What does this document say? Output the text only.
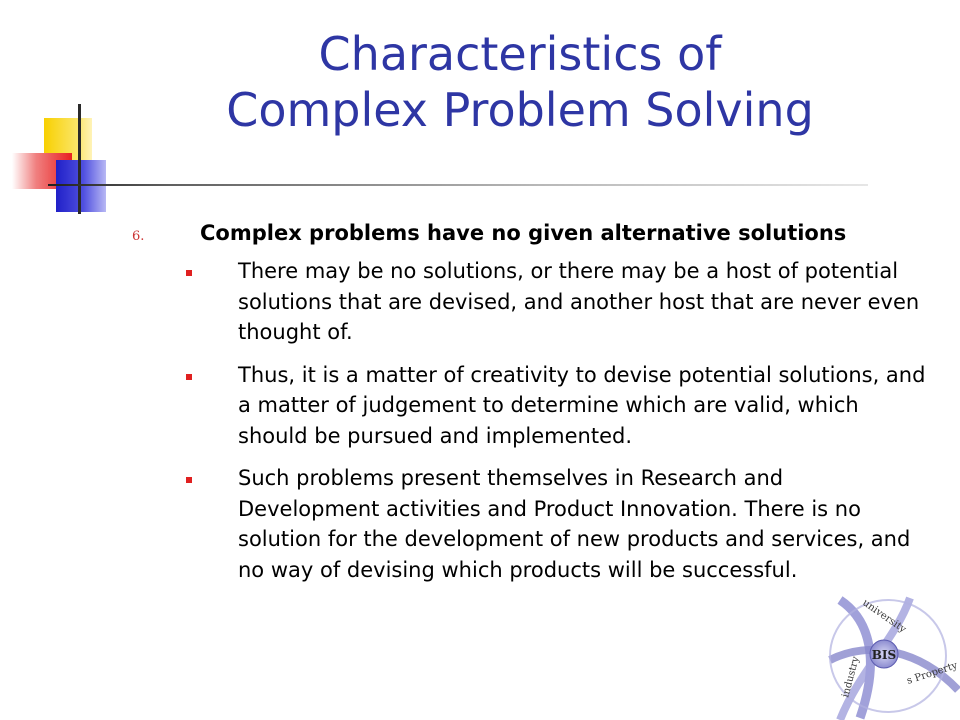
Characteristics of
Complex Problem Solving
6.	Complex problems have no given alternative solutions
There may be no solutions, or there may be a host of potential solutions that are devised, and another host that are never even thought of.
Thus, it is a matter of creativity to devise potential solutions, and a matter of judgement to determine which are valid, which should be pursued and implemented.
Such problems present themselves in Research and Development activities and Product Innovation. There is no solution for the development of new products and services, and no way of devising which products will be successful.
BIS
university
industry	s Property
